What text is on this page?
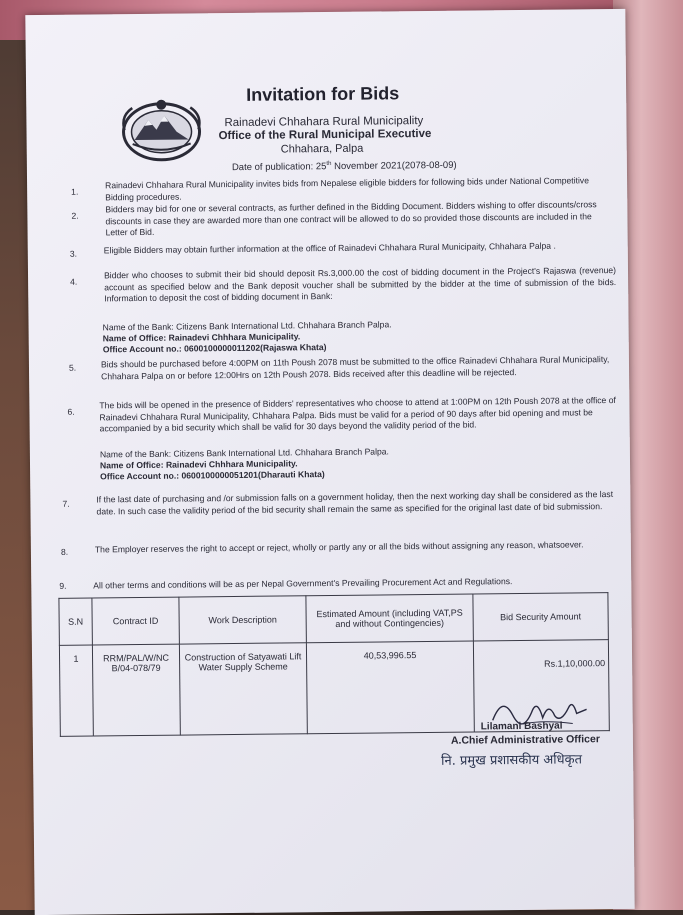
Invitation for Bids
Rainadevi Chhahara Rural Municipality
Office of the Rural Municipal Executive
Chhahara, Palpa
Date of publication: 25th November 2021(2078-08-09)
1.
Rainadevi Chhahara Rural Municipality invites bids from Nepalese eligible bidders for following bids under National Competitive Bidding procedures.
2.
Bidders may bid for one or several contracts, as further defined in the Bidding Document. Bidders wishing to offer discounts/cross discounts in case they are awarded more than one contract will be allowed to do so provided those discounts are included in the Letter of Bid.
3.	Eligible Bidders may obtain further information at the office of Rainadevi Chhahara Rural Municipaity, Chhahara Palpa .
4.
Bidder who chooses to submit their bid should deposit Rs.3,000.00 the cost of bidding document in the Project's Rajaswa (revenue) account as specified below and the Bank deposit voucher shall be submitted by the bidder at the time of submission of the bids. Information to deposit the cost of bidding document in Bank:
Name of the Bank: Citizens Bank International Ltd. Chhahara Branch Palpa.
Name of Office: Rainadevi Chhhara Municipality.
Office Account no.: 0600100000011202(Rajaswa Khata)
5.	Bids should be purchased before 4:00PM on 11th Poush 2078 must be submitted to the office Rainadevi Chhahara Rural Municipality, Chhahara Palpa on or before 12:00Hrs on 12th Poush 2078. Bids received after this deadline will be rejected.
6.
The bids will be opened in the presence of Bidders' representatives who choose to attend at 1:00PM on 12th Poush 2078 at the office of Rainadevi Chhahara Rural Municipality, Chhahara Palpa. Bids must be valid for a period of 90 days after bid opening and must be accompanied by a bid security which shall be valid for 30 days beyond the validity period of the bid.
Name of the Bank: Citizens Bank International Ltd. Chhahara Branch Palpa.
Name of Office: Rainadevi Chhhara Municipality.
Office Account no.: 0600100000051201(Dharauti Khata)
7.	If the last date of purchasing and /or submission falls on a government holiday, then the next working day shall be considered as the last date. In such case the validity period of the bid security shall remain the same as specified for the original last date of bid submission.
8.	The Employer reserves the right to accept or reject, wholly or partly any or all the bids without assigning any reason, whatsoever.
9.	All other terms and conditions will be as per Nepal Government's Prevailing Procurement Act and Regulations.
S.N	Contract ID	Work Description	Estimated Amount (including VAT,PS and without Contingencies)	Bid Security Amount
1	RRM/PAL/W/NC B/04-078/79	Construction of Satyawati Lift Water Supply Scheme	40,53,996.55	Rs.1,10,000.00
Lilamani Bashyal
A.Chief Administrative Officer
नि. प्रमुख प्रशासकीय अधिकृत
